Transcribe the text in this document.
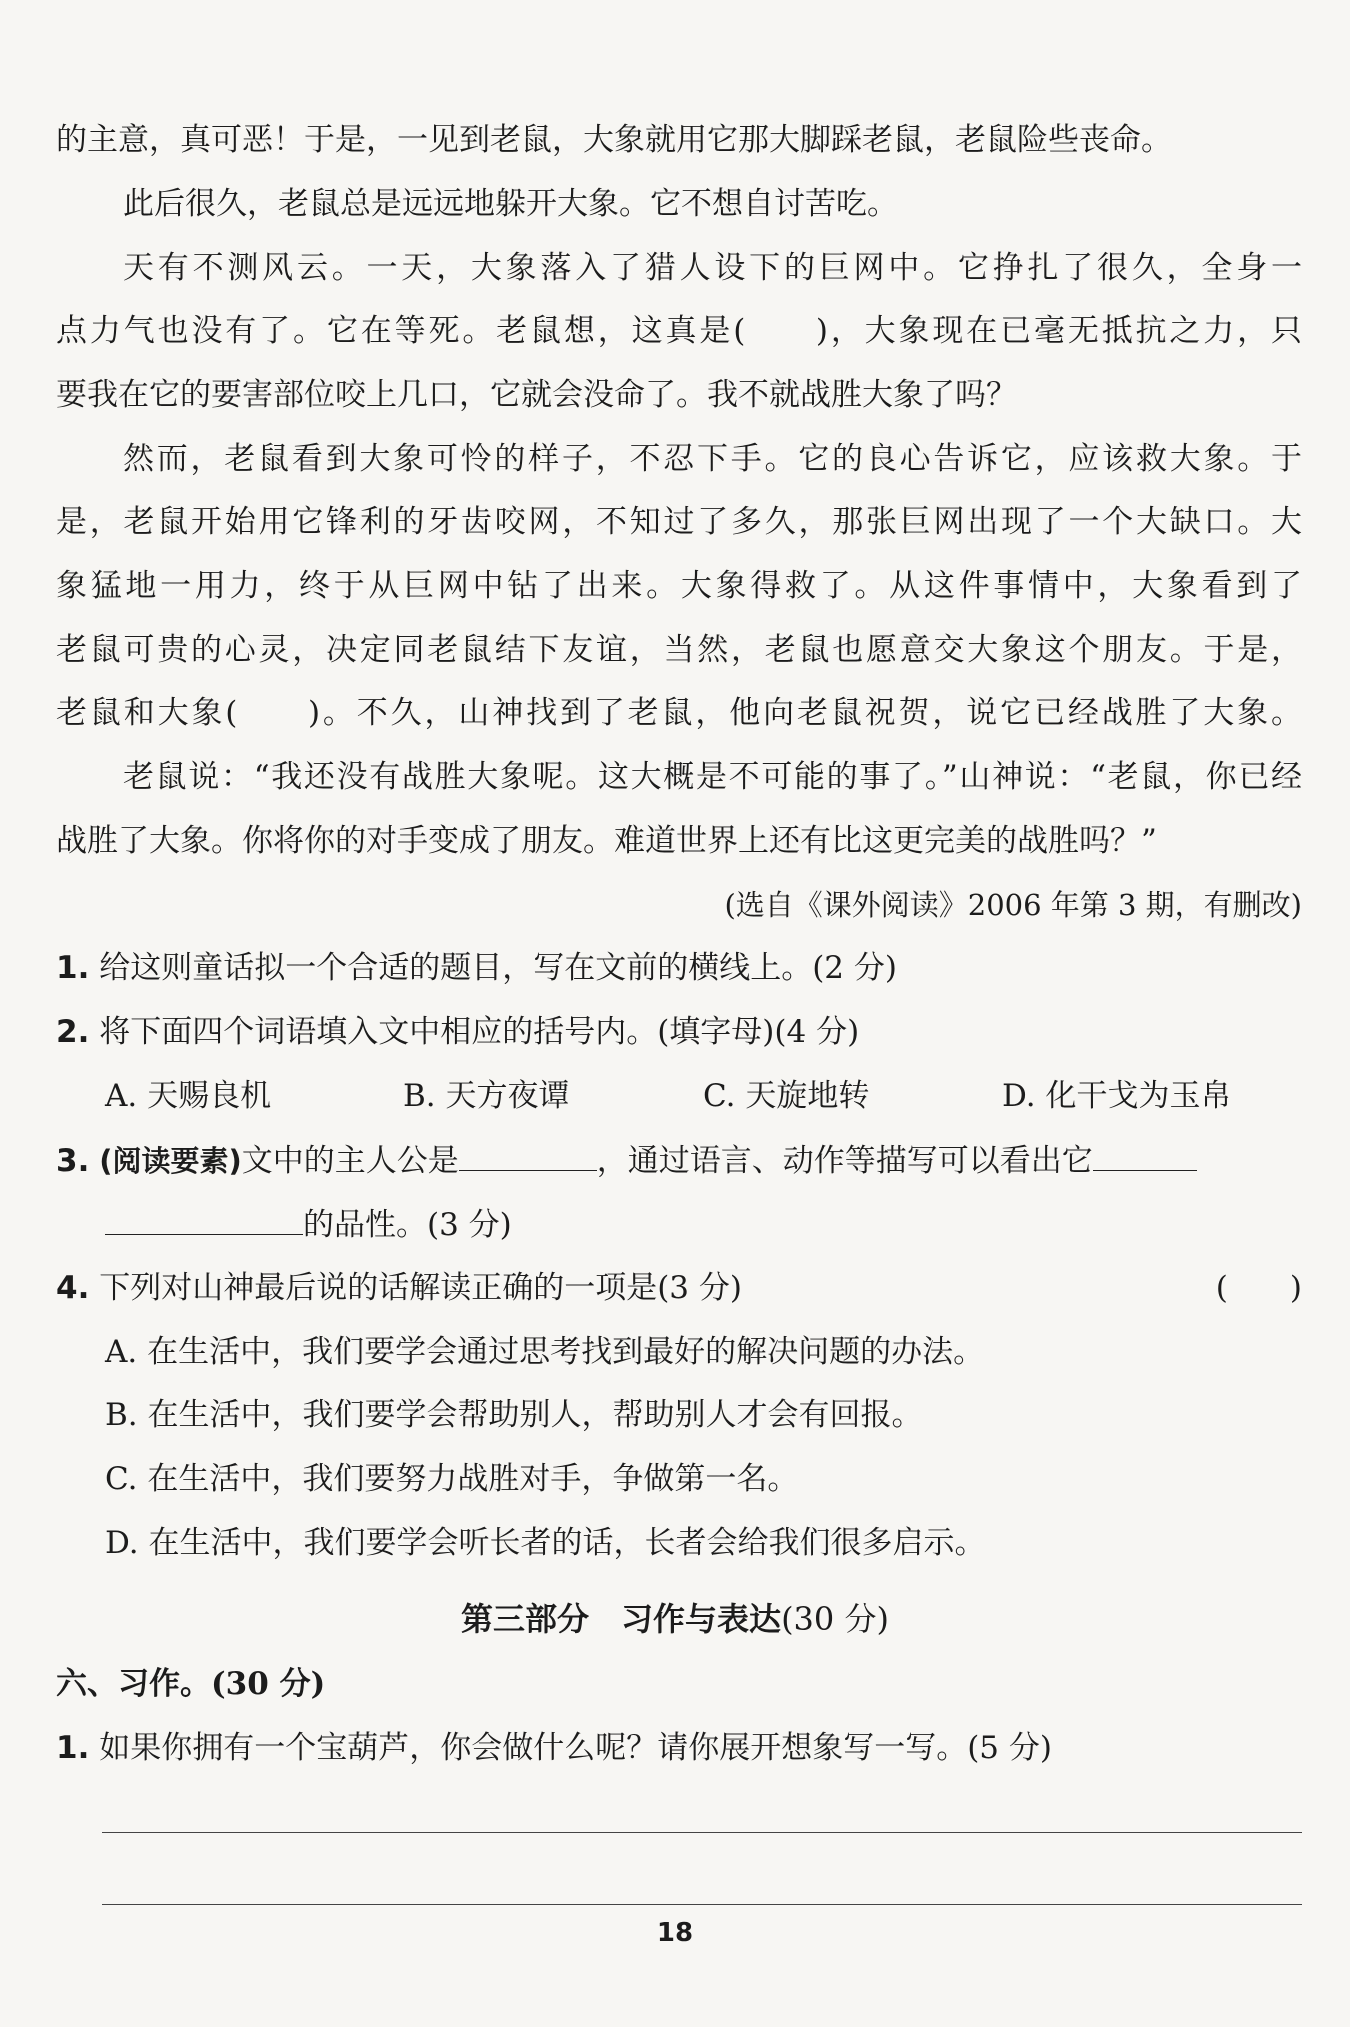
的主意，真可恶！于是，一见到老鼠，大象就用它那大脚踩老鼠，老鼠险些丧命。
此后很久，老鼠总是远远地躲开大象。它不想自讨苦吃。
天有不测风云。一天，大象落入了猎人设下的巨网中。它挣扎了很久，全身一
点力气也没有了。它在等死。老鼠想，这真是(　　)，大象现在已毫无抵抗之力，只
要我在它的要害部位咬上几口，它就会没命了。我不就战胜大象了吗？
然而，老鼠看到大象可怜的样子，不忍下手。它的良心告诉它，应该救大象。于
是，老鼠开始用它锋利的牙齿咬网，不知过了多久，那张巨网出现了一个大缺口。大
象猛地一用力，终于从巨网中钻了出来。大象得救了。从这件事情中，大象看到了
老鼠可贵的心灵，决定同老鼠结下友谊，当然，老鼠也愿意交大象这个朋友。于是，
老鼠和大象(　　)。不久，山神找到了老鼠，他向老鼠祝贺，说它已经战胜了大象。
老鼠说：“我还没有战胜大象呢。这大概是不可能的事了。”山神说：“老鼠，你已经
战胜了大象。你将你的对手变成了朋友。难道世界上还有比这更完美的战胜吗？”
(选自《课外阅读》2006 年第 3 期，有删改)
1. 给这则童话拟一个合适的题目，写在文前的横线上。(2 分)
2. 将下面四个词语填入文中相应的括号内。(填字母)(4 分)
A. 天赐良机	B. 天方夜谭	C. 天旋地转	D. 化干戈为玉帛
3. (阅读要素)文中的主人公是	，通过语言、动作等描写可以看出它
的品性。(3 分)
4. 下列对山神最后说的话解读正确的一项是(3 分)	(　　)
A. 在生活中，我们要学会通过思考找到最好的解决问题的办法。
B. 在生活中，我们要学会帮助别人，帮助别人才会有回报。
C. 在生活中，我们要努力战胜对手，争做第一名。
D. 在生活中，我们要学会听长者的话，长者会给我们很多启示。
第三部分　习作与表达(30 分)
六、习作。(30 分)
1. 如果你拥有一个宝葫芦，你会做什么呢？请你展开想象写一写。(5 分)
18
